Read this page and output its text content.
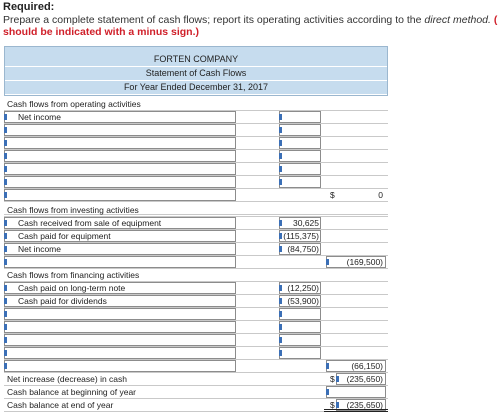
Required:
Prepare a complete statement of cash flows; report its operating activities according to the direct method. (
should be indicated with a minus sign.)
FORTEN COMPANY
Statement of Cash Flows
For Year Ended December 31, 2017
Cash flows from operating activities
Net income
$	0
Cash flows from investing activities
Cash received from sale of equipment	30,625
Cash paid for equipment	(115,375)
Net income	(84,750)
(169,500)
Cash flows from financing activities
Cash paid on long-term note	(12,250)
Cash paid for dividends	(53,900)
(66,150)
Net increase (decrease) in cash	$	(235,650)
Cash balance at beginning of year
Cash balance at end of year	$	(235,650)
